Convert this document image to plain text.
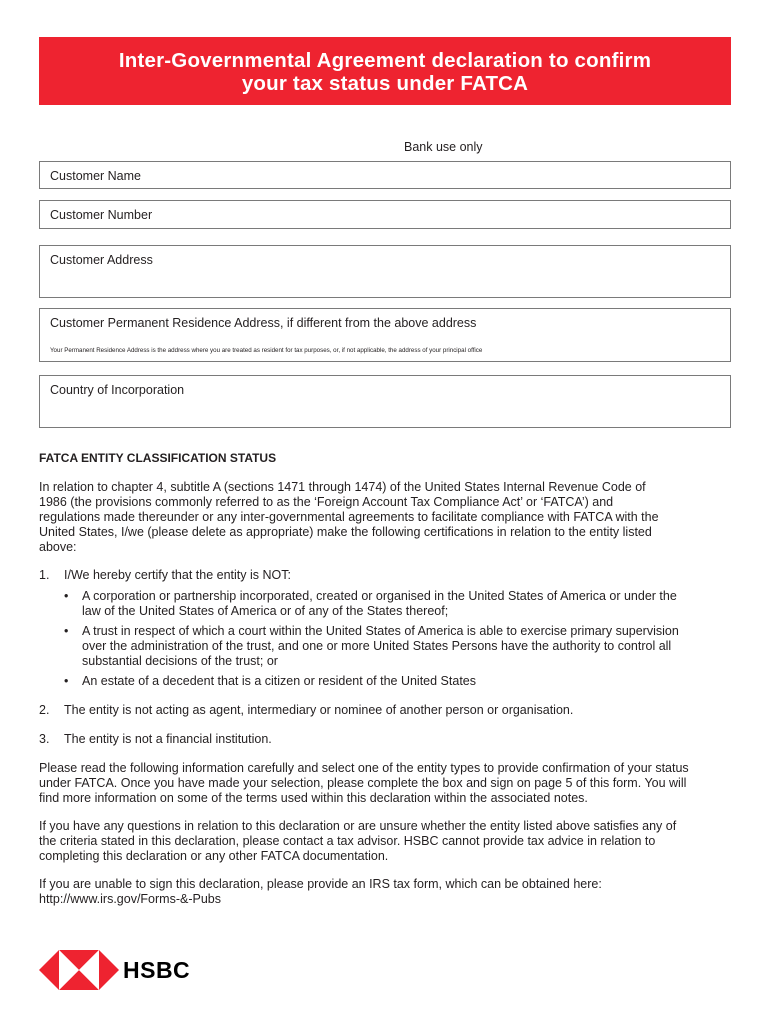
Inter-Governmental Agreement declaration to confirm
your tax status under FATCA
Bank use only
Customer Name
Customer Number
Customer Address
Customer Permanent Residence Address, if different from the above address
Your Permanent Residence Address is the address where you are treated as resident for tax purposes, or, if not applicable, the address of your principal office
Country of Incorporation
FATCA ENTITY CLASSIFICATION STATUS
In relation to chapter 4, subtitle A (sections 1471 through 1474) of the United States Internal Revenue Code of
1986 (the provisions commonly referred to as the ‘Foreign Account Tax Compliance Act’ or ‘FATCA’) and
regulations made thereunder or any inter-governmental agreements to facilitate compliance with FATCA with the
United States, I/we (please delete as appropriate) make the following certifications in relation to the entity listed
above:
1. I/We hereby certify that the entity is NOT:
• A corporation or partnership incorporated, created or organised in the United States of America or under the
law of the United States of America or of any of the States thereof;
• A trust in respect of which a court within the United States of America is able to exercise primary supervision
over the administration of the trust, and one or more United States Persons have the authority to control all
substantial decisions of the trust; or
• An estate of a decedent that is a citizen or resident of the United States
2. The entity is not acting as agent, intermediary or nominee of another person or organisation.
3. The entity is not a financial institution.
Please read the following information carefully and select one of the entity types to provide confirmation of your status
under FATCA. Once you have made your selection, please complete the box and sign on page 5 of this form. You will
find more information on some of the terms used within this declaration within the associated notes.
If you have any questions in relation to this declaration or are unsure whether the entity listed above satisfies any of
the criteria stated in this declaration, please contact a tax advisor. HSBC cannot provide tax advice in relation to
completing this declaration or any other FATCA documentation.
If you are unable to sign this declaration, please provide an IRS tax form, which can be obtained here:
http://www.irs.gov/Forms-&-Pubs
HSBC
